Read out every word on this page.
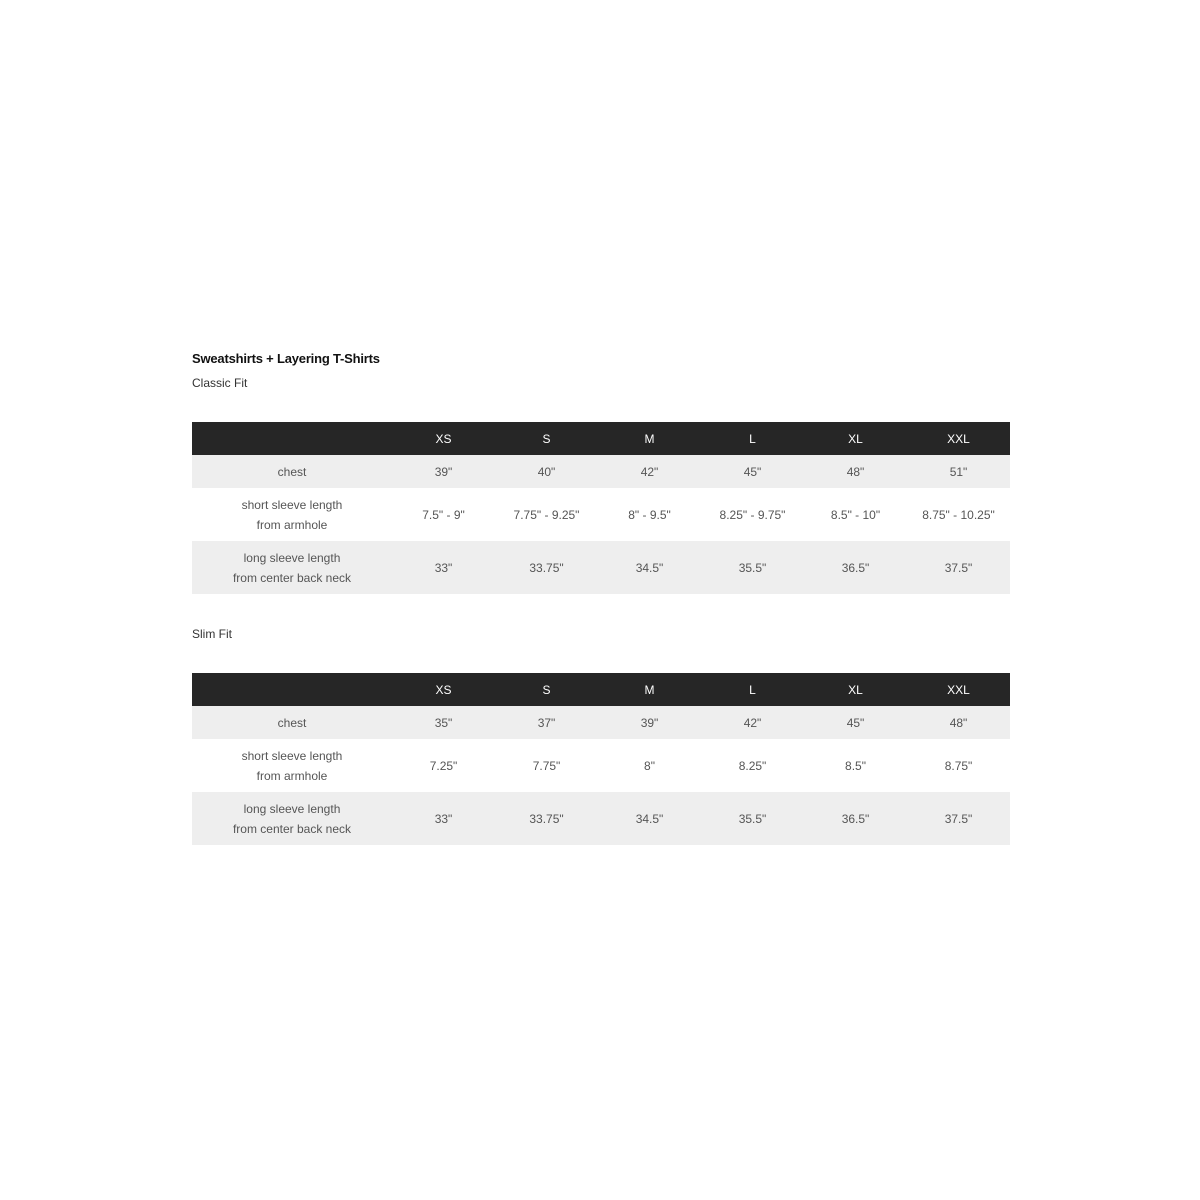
Sweatshirts + Layering T-Shirts
Classic Fit
	XS	S	M	L	XL	XXL

chest	39"	40"	42"	45"	48"	51"

short sleeve length
from armhole	7.5" - 9"	7.75" - 9.25"	8" - 9.5"	8.25" - 9.75"	8.5" - 10"	8.75" - 10.25"

long sleeve length
from center back neck	33"	33.75"	34.5"	35.5"	36.5"	37.5"
Slim Fit
	XS	S	M	L	XL	XXL

chest	35"	37"	39"	42"	45"	48"

short sleeve length
from armhole	7.25"	7.75"	8"	8.25"	8.5"	8.75"

long sleeve length
from center back neck	33"	33.75"	34.5"	35.5"	36.5"	37.5"
